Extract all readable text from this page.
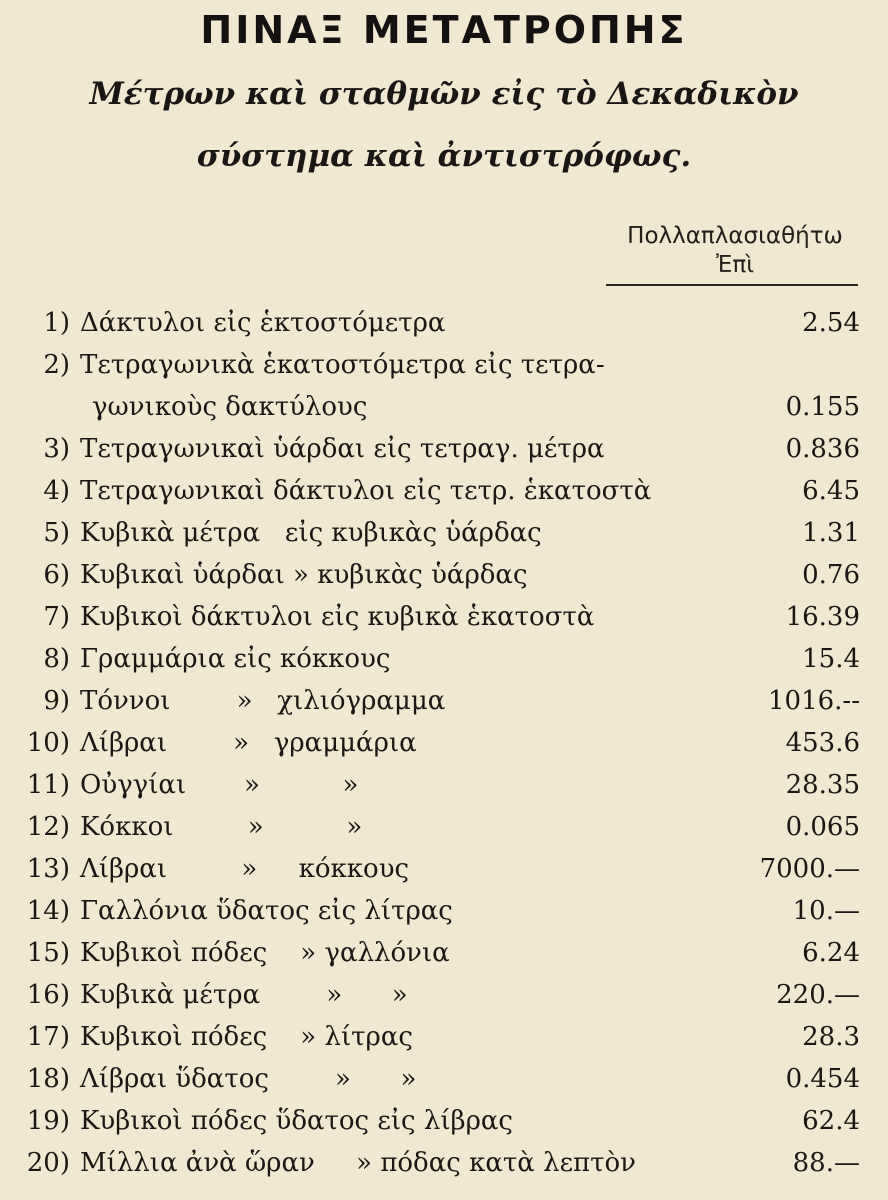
ΠΙΝΑΞ ΜΕΤΑΤΡΟΠΗΣ
Μέτρων καὶ σταθμῶν εἰς τὸ Δεκαδικὸν
σύστημα καὶ ἀντιστρόφως.
Πολλαπλασιαθήτω
Ἐπὶ
1) Δάκτυλοι εἰς ἑκτοστόμετρα	2.54
2) Τετραγωνικὰ ἑκατοστόμετρα εἰς τετρα-
γωνικοὺς δακτύλους	0.155
3) Τετραγωνικαὶ ὑάρδαι εἰς τετραγ. μέτρα	0.836
4) Τετραγωνικαὶ δάκτυλοι εἰς τετρ. ἑκατοστὰ	6.45
5) Κυβικὰ μέτρα   εἰς κυβικὰς ὑάρδας	1.31
6) Κυβικαὶ ὑάρδαι » κυβικὰς ὑάρδας	0.76
7) Κυβικοὶ δάκτυλοι εἰς κυβικὰ ἑκατοστὰ	16.39
8) Γραμμάρια εἰς κόκκους	15.4
9) Τόννοι        »   χιλιόγραμμα	1016.--
10) Λίβραι        »   γραμμάρια	453.6
11) Οὐγγίαι       »          »	28.35
12) Κόκκοι         »          »	0.065
13) Λίβραι         »     κόκκους	7000.—
14) Γαλλόνια ὕδατος εἰς λίτρας	10.—
15) Κυβικοὶ πόδες    » γαλλόνια	6.24
16) Κυβικὰ μέτρα        »      »	220.—
17) Κυβικοὶ πόδες    » λίτρας	28.3
18) Λίβραι ὕδατος        »      »	0.454
19) Κυβικοὶ πόδες ὕδατος εἰς λίβρας	62.4
20) Μίλλια ἀνὰ ὥραν     » πόδας κατὰ λεπτὸν	88.—
